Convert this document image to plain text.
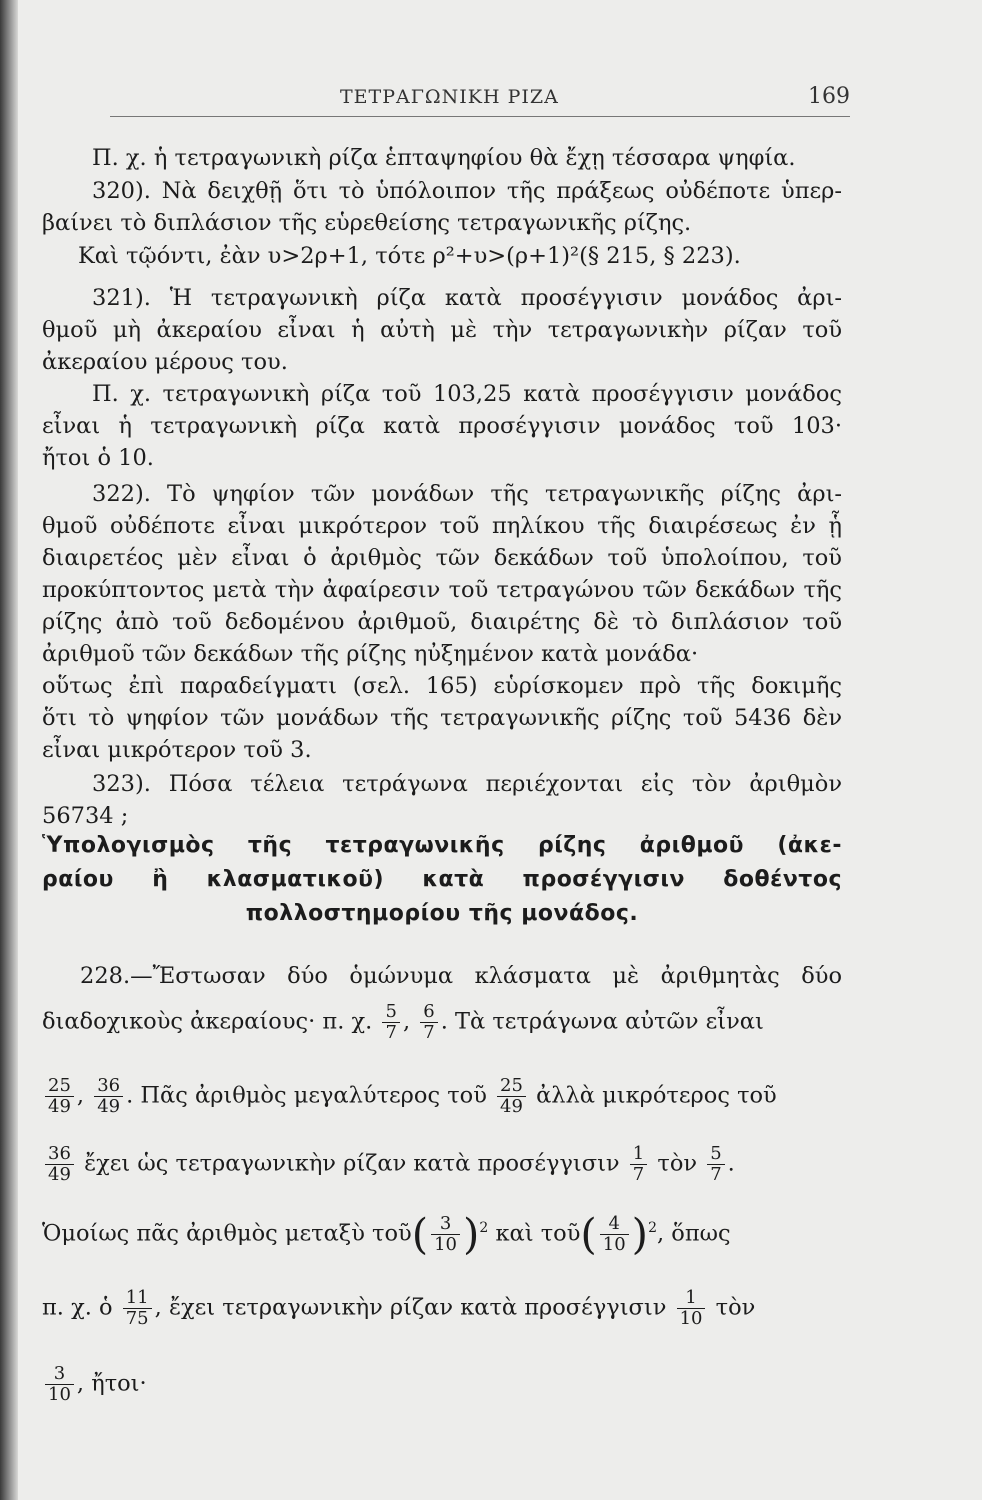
ΤΕΤΡΑΓΩΝΙΚΗ ΡΙΖΑ	169
Π. χ. ἡ τετραγωνικὴ ρίζα ἑπταψηφίου θὰ ἔχῃ τέσσαρα ψηφία.
320). Νὰ δειχθῇ ὅτι τὸ ὑπόλοιπον τῆς πράξεως οὐδέποτε ὑπερ-
βαίνει τὸ διπλάσιον τῆς εὑρεθείσης τετραγωνικῆς ρίζης.
Καὶ τῷόντι, ἐὰν υ>2ρ+1, τότε ρ²+υ>(ρ+1)²(§ 215, § 223).
321). Ἡ τετραγωνικὴ ρίζα κατὰ προσέγγισιν μονάδος ἀρι-
θμοῦ μὴ ἀκεραίου εἶναι ἡ αὐτὴ μὲ τὴν τετραγωνικὴν ρίζαν τοῦ
ἀκεραίου μέρους του.
Π. χ. τετραγωνικὴ ρίζα τοῦ 103,25 κατὰ προσέγγισιν μονάδος
εἶναι ἡ τετραγωνικὴ ρίζα κατὰ προσέγγισιν μονάδος τοῦ 103·
ἤτοι ὁ 10.
322). Τὸ ψηφίον τῶν μονάδων τῆς τετραγωνικῆς ρίζης ἀρι-
θμοῦ οὐδέποτε εἶναι μικρότερον τοῦ πηλίκου τῆς διαιρέσεως ἐν ᾗ
διαιρετέος μὲν εἶναι ὁ ἀριθμὸς τῶν δεκάδων τοῦ ὑπολοίπου, τοῦ
προκύπτοντος μετὰ τὴν ἀφαίρεσιν τοῦ τετραγώνου τῶν δεκάδων τῆς
ρίζης ἀπὸ τοῦ δεδομένου ἀριθμοῦ, διαιρέτης δὲ τὸ διπλάσιον τοῦ
ἀριθμοῦ τῶν δεκάδων τῆς ρίζης ηὐξημένον κατὰ μονάδα·
οὕτως ἐπὶ παραδείγματι (σελ. 165) εὑρίσκομεν πρὸ τῆς δοκιμῆς
ὅτι τὸ ψηφίον τῶν μονάδων τῆς τετραγωνικῆς ρίζης τοῦ 5436 δὲν
εἶναι μικρότερον τοῦ 3.
323). Πόσα τέλεια τετράγωνα περιέχονται εἰς τὸν ἀριθμὸν
56734 ;
Ὑπολογισμὸς τῆς τετραγωνικῆς ρίζης ἀριθμοῦ (ἀκε-
ραίου ἢ κλασματικοῦ) κατὰ προσέγγισιν δοθέντος
πολλοστημορίου τῆς μονάδος.
228.—Ἔστωσαν δύο ὁμώνυμα κλάσματα μὲ ἀριθμητὰς δύο
διαδοχικοὺς ἀκεραίους· π. χ. $\frac{5}{7}$ , $\frac{6}{7}$ . Τὰ τετράγωνα αὐτῶν εἶναι
$\frac{25}{49}$ , $\frac{36}{49}$ . Πᾶς ἀριθμὸς μεγαλύτερος τοῦ $\frac{25}{49}$ ἀλλὰ μικρότερος τοῦ
$\frac{36}{49}$ ἔχει ὡς τετραγωνικὴν ρίζαν κατὰ προσέγγισιν $\frac{1}{7}$ τὸν $\frac{5}{7}$ .
Ὁμοίως πᾶς ἀριθμὸς μεταξὺ τοῦ( $\frac{3}{10} )^2$ καὶ τοῦ( $\frac{4}{10} )^2$, ὅπως
π. χ. ὁ $\frac{11}{75}$ , ἔχει τετραγωνικὴν ρίζαν κατὰ προσέγγισιν $\frac{1}{10}$ τὸν
$\frac{3}{10}$ , ἤτοι·
